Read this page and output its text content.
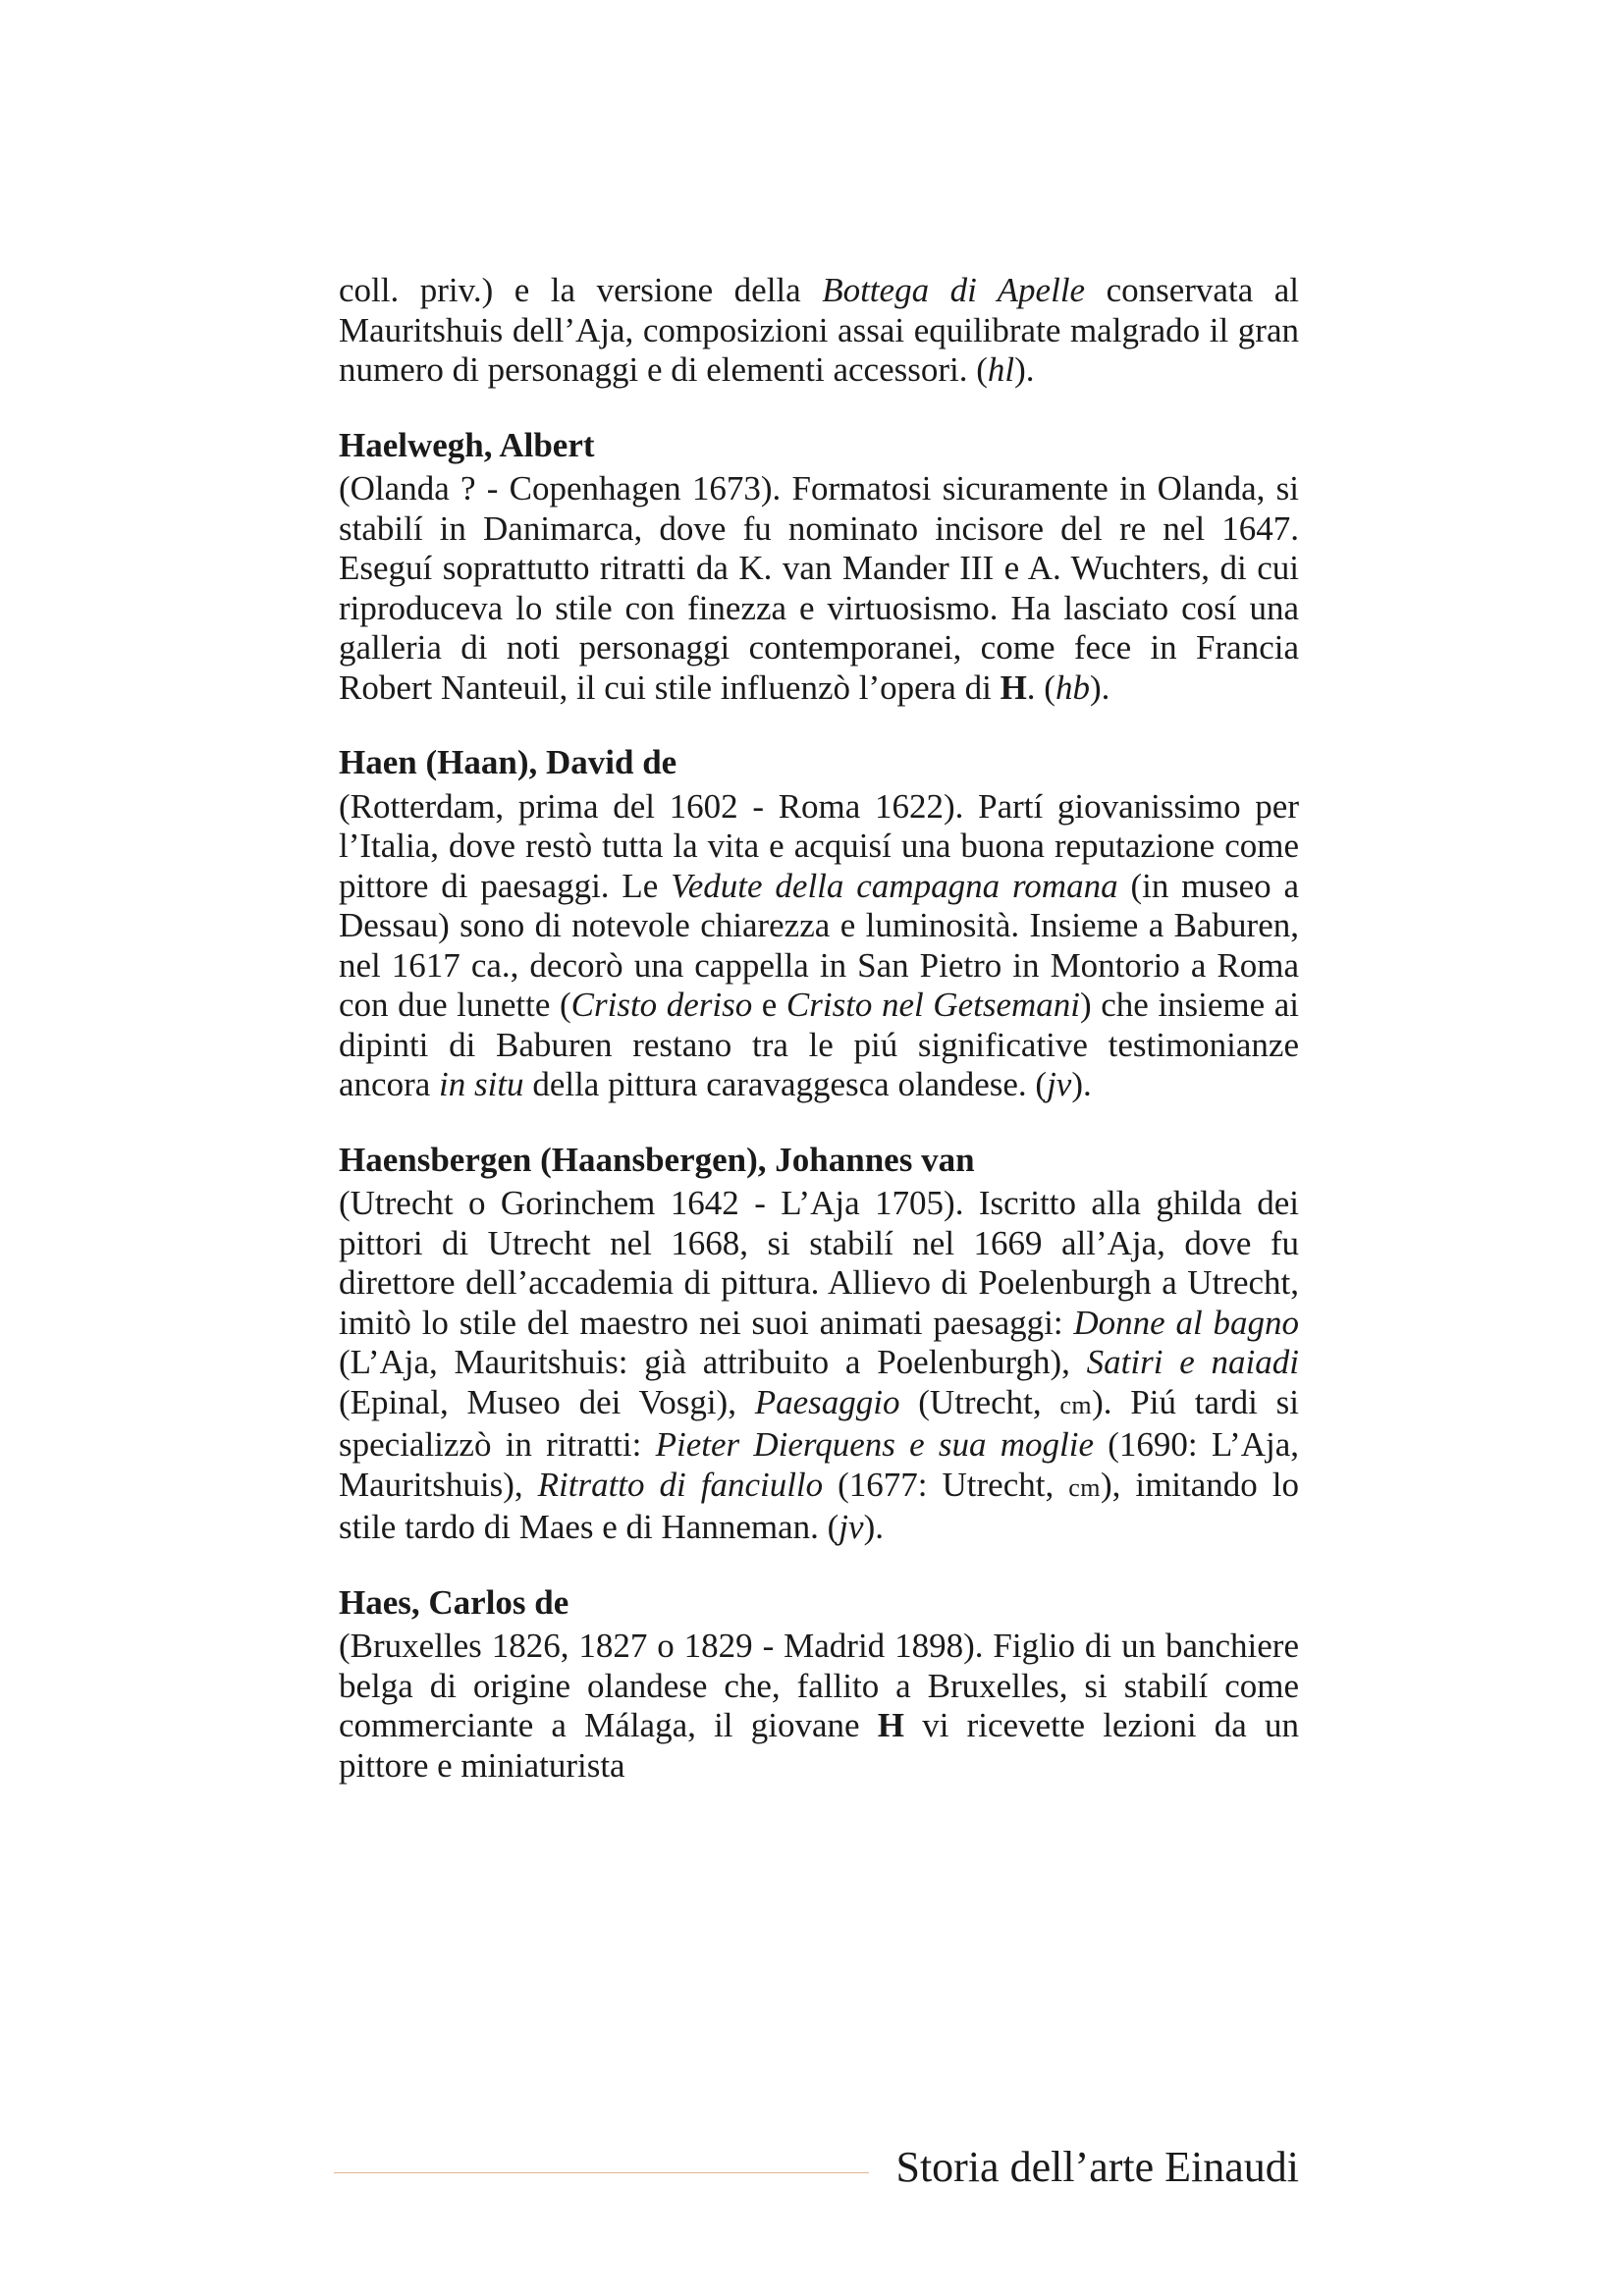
coll. priv.) e la versione della Bottega di Apelle conservata al Mauritshuis dell’Aja, composizioni assai equilibrate malgrado il gran numero di personaggi e di elementi accessori. (hl).

Haelwegh, Albert

(Olanda ? - Copenhagen 1673). Formatosi sicuramente in Olanda, si stabilí in Danimarca, dove fu nominato incisore del re nel 1647. Eseguí soprattutto ritratti da K. van Mander III e A. Wuchters, di cui riproduceva lo stile con finezza e virtuosismo. Ha lasciato cosí una galleria di noti personaggi contemporanei, come fece in Francia Robert Nanteuil, il cui stile influenzò l’opera di H. (hb).

Haen (Haan), David de

(Rotterdam, prima del 1602 - Roma 1622). Partí giovanissimo per l’Italia, dove restò tutta la vita e acquisí una buona reputazione come pittore di paesaggi. Le Vedute della campagna romana (in museo a Dessau) sono di notevole chiarezza e luminosità. Insieme a Baburen, nel 1617 ca., decorò una cappella in San Pietro in Montorio a Roma con due lunette (Cristo deriso e Cristo nel Getsemani) che insieme ai dipinti di Baburen restano tra le piú significative testimonianze ancora in situ della pittura caravaggesca olandese. (jv).

Haensbergen (Haansbergen), Johannes van

(Utrecht o Gorinchem 1642 - L’Aja 1705). Iscritto alla ghilda dei pittori di Utrecht nel 1668, si stabilí nel 1669 all’Aja, dove fu direttore dell’accademia di pittura. Allievo di Poelenburgh a Utrecht, imitò lo stile del maestro nei suoi animati paesaggi: Donne al bagno (L’Aja, Mauritshuis: già attribuito a Poelenburgh), Satiri e naiadi (Epinal, Museo dei Vosgi), Paesaggio (Utrecht, cm). Piú tardi si specializzò in ritratti: Pieter Dierquens e sua moglie (1690: L’Aja, Mauritshuis), Ritratto di fanciullo (1677: Utrecht, cm), imitando lo stile tardo di Maes e di Hanneman. (jv).

Haes, Carlos de

(Bruxelles 1826, 1827 o 1829 - Madrid 1898). Figlio di un banchiere belga di origine olandese che, fallito a Bruxelles, si stabilí come commerciante a Málaga, il giovane H vi ricevette lezioni da un pittore e miniaturista

Storia dell’arte Einaudi
